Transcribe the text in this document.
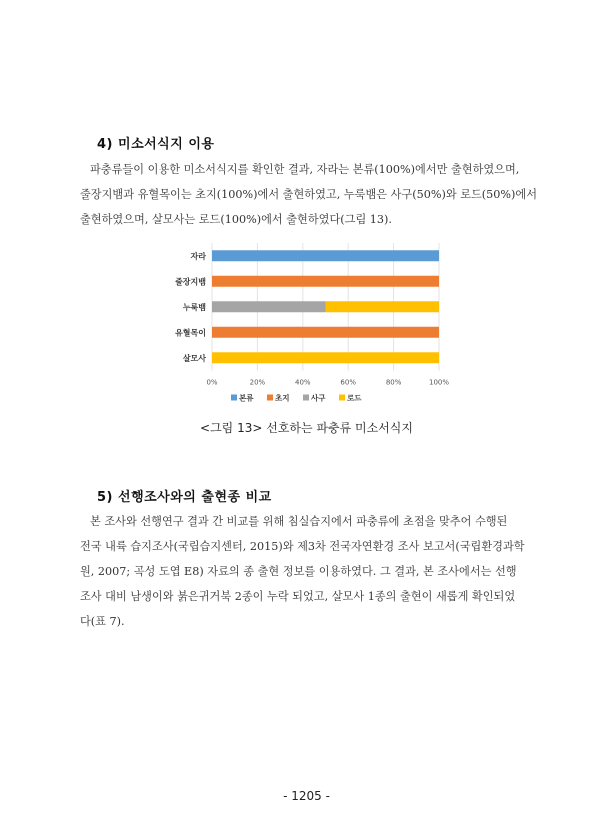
4) 미소서식지 이용
파충류들이 이용한 미소서식지를 확인한 결과, 자라는 본류(100%)에서만 출현하였으며,
줄장지뱀과 유혈목이는 초지(100%)에서 출현하였고, 누룩뱀은 사구(50%)와 로드(50%)에서
출현하였으며, 살모사는 로드(100%)에서 출현하였다(그림 13).
0%	20%	40%	60%	80%	100%
자라
줄장지뱀
누룩뱀
유혈목이
살모사
본류	초지	사구	로드
<그림 13> 선호하는 파충류 미소서식지
5) 선행조사와의 출현종 비교
본 조사와 선행연구 결과 간 비교를 위해 침실습지에서 파충류에 초점을 맞추어 수행된
전국 내륙 습지조사(국립습지센터, 2015)와 제3차 전국자연환경 조사 보고서(국립환경과학
원, 2007; 곡성 도엽 E8) 자료의 종 출현 정보를 이용하였다. 그 결과, 본 조사에서는 선행
조사 대비 남생이와 붉은귀거북 2종이 누락 되었고, 살모사 1종의 출현이 새롭게 확인되었
다(표 7).
- 1205 -
